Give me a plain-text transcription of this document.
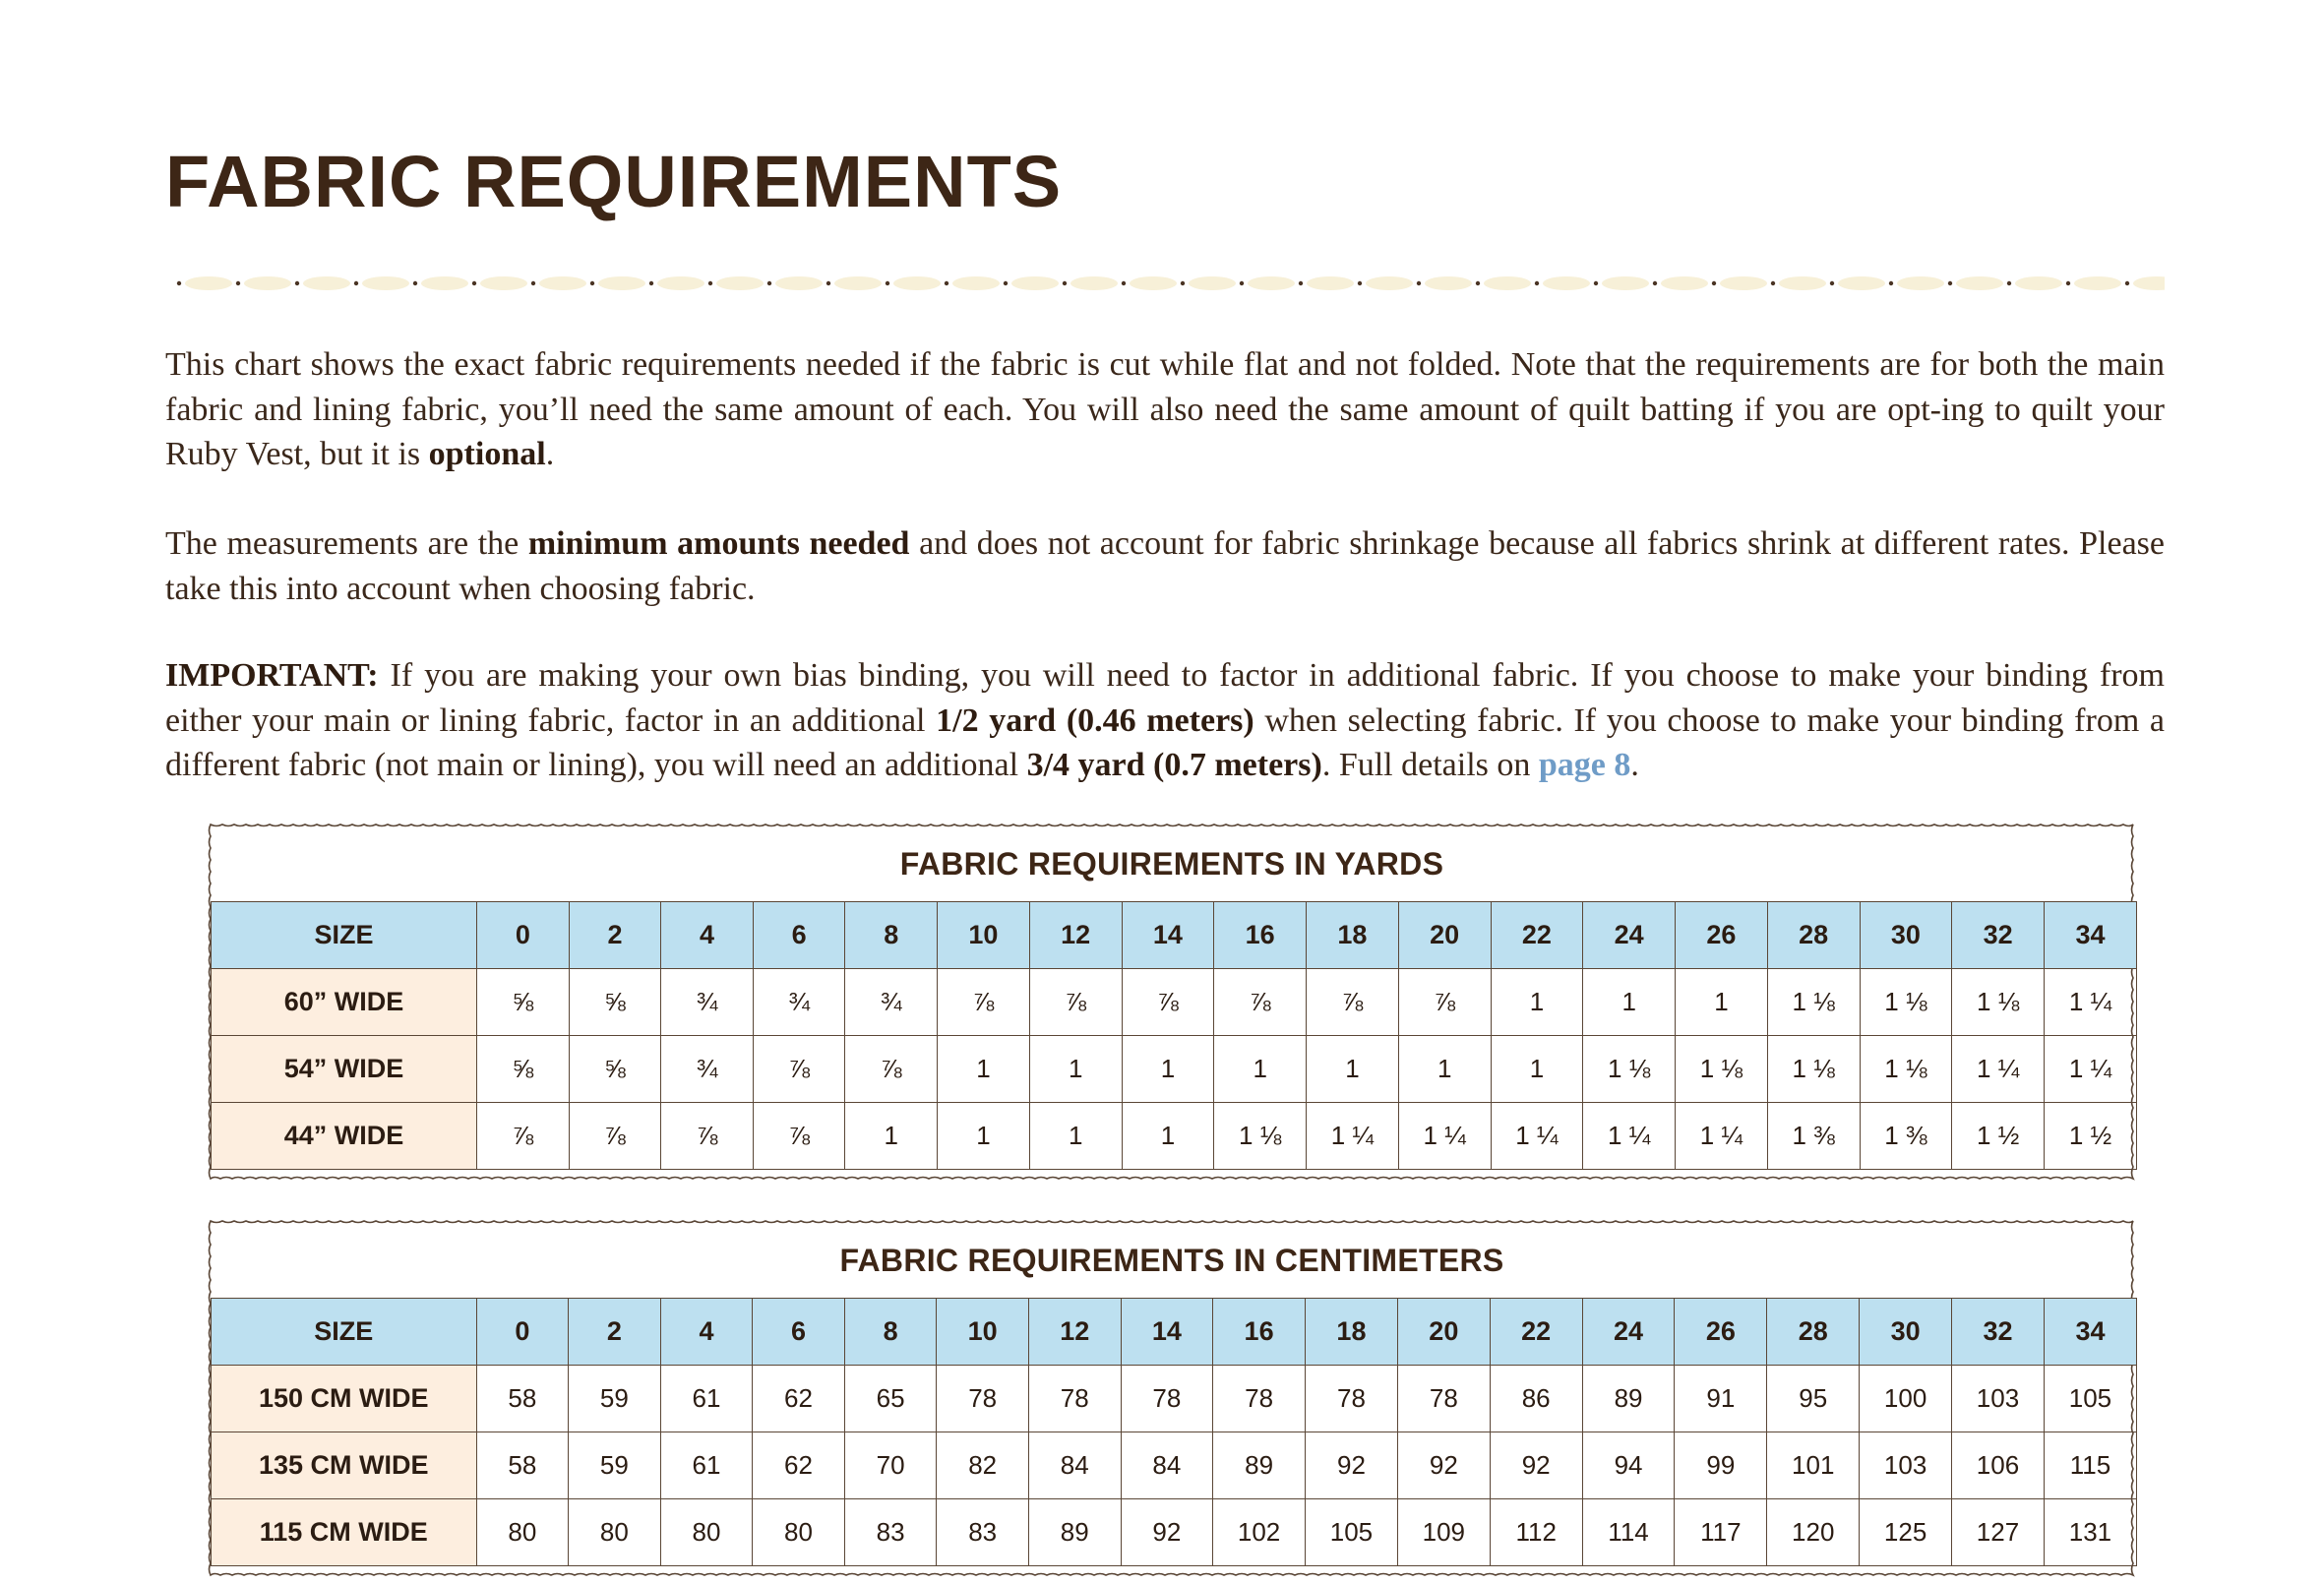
FABRIC REQUIREMENTS

This chart shows the exact fabric requirements needed if the fabric is cut while flat and not folded. Note that the requirements are for both the main fabric and lining fabric, you’ll need the same amount of each. You will also need the same amount of quilt batting if you are opt-ing to quilt your Ruby Vest, but it is optional.

The measurements are the minimum amounts needed and does not account for fabric shrinkage because all fabrics shrink at different rates. Please take this into account when choosing fabric.

IMPORTANT: If you are making your own bias binding, you will need to factor in additional fabric. If you choose to make your binding from either your main or lining fabric, factor in an additional 1/2 yard (0.46 meters) when selecting fabric. If you choose to make your binding from a different fabric (not main or lining), you will need an additional 3/4 yard (0.7 meters). Full details on page 8.

FABRIC REQUIREMENTS IN YARDS
SIZE	0	2	4	6	8	10	12	14	16	18	20	22	24	26	28	30	32	34
60” WIDE	⅝	⅝	¾	¾	¾	⅞	⅞	⅞	⅞	⅞	⅞	1	1	1	1 ⅛	1 ⅛	1 ⅛	1 ¼
54” WIDE	⅝	⅝	¾	⅞	⅞	1	1	1	1	1	1	1	1 ⅛	1 ⅛	1 ⅛	1 ⅛	1 ¼	1 ¼
44” WIDE	⅞	⅞	⅞	⅞	1	1	1	1	1 ⅛	1 ¼	1 ¼	1 ¼	1 ¼	1 ¼	1 ⅜	1 ⅜	1 ½	1 ½
FABRIC REQUIREMENTS IN CENTIMETERS
SIZE	0	2	4	6	8	10	12	14	16	18	20	22	24	26	28	30	32	34
150 CM WIDE	58	59	61	62	65	78	78	78	78	78	78	86	89	91	95	100	103	105
135 CM WIDE	58	59	61	62	70	82	84	84	89	92	92	92	94	99	101	103	106	115
115 CM WIDE	80	80	80	80	83	83	89	92	102	105	109	112	114	117	120	125	127	131
